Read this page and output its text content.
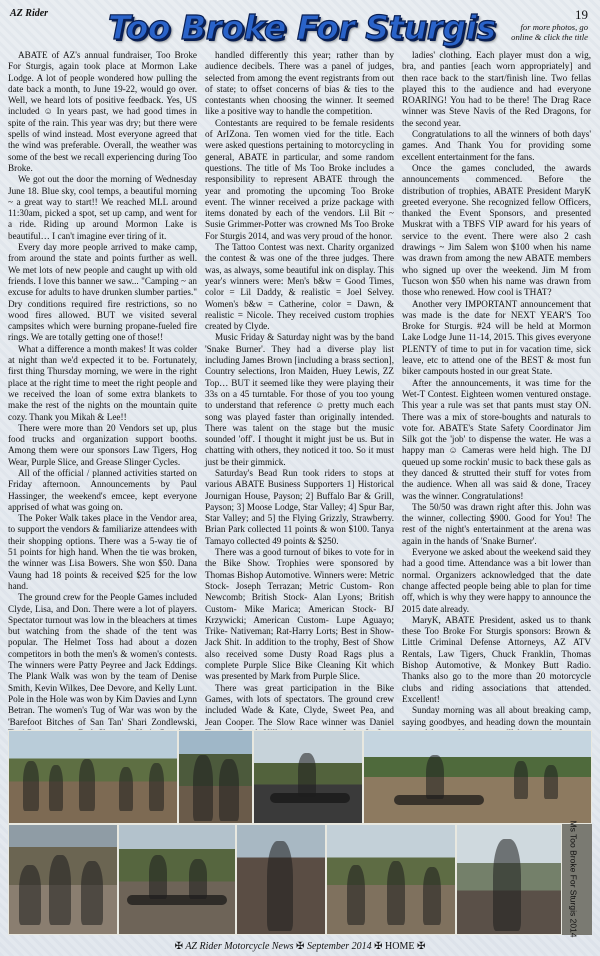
AZ Rider Too Broke For Sturgis	19
for more photos, go online & click the title

ABATE of AZ's annual fundraiser, Too Broke For Sturgis, again took place at Mormon Lake Lodge. A lot of people wondered how pulling the date back a month, to June 19-22, would go over. Well, we heard lots of positive feedback. Yes, US included ☺ In years past, we had good times in spite of the rain. This year was dry; but there were spells of wind instead. Most everyone agreed that the wind was preferable. Overall, the weather was some of the best we recall experiencing during Too Broke.

We got out the door the morning of Wednesday June 18. Blue sky, cool temps, a beautiful morning ~ a great way to start!! We reached MLL around 11:30am, picked a spot, set up camp, and went for a ride. Riding up around Mormon Lake is beautiful… I can't imagine ever tiring of it.

Every day more people arrived to make camp, from around the state and points further as well. We met lots of new people and caught up with old friends. I love this banner we saw... "Camping ~ an excuse for adults to have drunken slumber parties." Dry conditions required fire restrictions, so no wood fires allowed. BUT we visited several campsites which were burning propane-fueled fire rings. We are totally getting one of those!!

What a difference a month makes! It was colder at night than we'd expected it to be. Fortunately, first thing Thursday morning, we were in the right place at the right time to meet the right people and we received the loan of some extra blankets to make the rest of the nights on the mountain quite cozy. Thank you Mikah & Lee!!

There were more than 20 Vendors set up, plus food trucks and organization support booths. Among them were our sponsors Law Tigers, Hog Wear, Purple Slice, and Grease Slinger Cycles.

All of the official / planned activities started on Friday afternoon. Announcements by Paul Hassinger, the weekend's emcee, kept everyone apprised of what was going on.

The Poker Walk takes place in the Vendor area, to support the vendors & familiarize attendees with their shopping options. There was a 5-way tie of 51 points for high hand. When the tie was broken, the winner was Lisa Bowers. She won $50. Dana Vaung had 18 points & received $25 for the low hand.

The ground crew for the People Games included Clyde, Lisa, and Don. There were a lot of players. Spectator turnout was low in the bleachers at times but watching from the shade of the tent was popular. The Helmet Toss had about a dozen competitors in both the men's & women's contests. The winners were Patty Peyree and Jack Eddings. The Plank Walk was won by the team of Denise Smith, Kevin Wilkes, Dee Devore, and Kelly Lunt. Pole in the Hole was won by Kim Davies and Lynn Betran. The women's Tug of War was won by the 'Barefoot Bitches of San Tan' Shari Zondlewski,

handled differently this year; rather than by audience decibels. There was a panel of judges, selected from among the event registrants from out of state; to offset concerns of bias & ties to the contestants when choosing the winner. It seemed like a positive way to handle the competition.

Contestants are required to be female residents of ArIZona. Ten women vied for the title. Each were asked questions pertaining to motorcycling in general, ABATE in particular, and some random questions. The title of Ms Too Broke includes a responsibility to represent ABATE through the year and promoting the upcoming Too Broke event. The winner received a prize package with items donated by each of the vendors. Lil Bit ~ Susie Grimmer-Potter was crowned Ms Too Broke For Sturgis 2014, and was very proud of the honor.

The Tattoo Contest was next. Charity organized the contest & was one of the three judges. There was, as always, some beautiful ink on display. This year's winners were: Men's b&w = Good Times, color = Lil Daddy, & realistic = Joel Selvey. Women's b&w = Catherine, color = Dawn, & realistic = Nicole. They received custom trophies created by Clyde.

Music Friday & Saturday night was by the band 'Snake Burner'. They had a diverse play list including James Brown [including a brass section], Country selections, Iron Maiden, Huey Lewis, ZZ Top… BUT it seemed like they were playing their 33s on a 45 turntable. For those of you too young to understand that reference ☺ pretty much each song was played faster than originally intended. There was talent on the stage but the music sounded 'off'. I thought it might just be us. But in chatting with others, they noticed it too. So it must just be their gimmick.

Saturday's Bead Run took riders to stops at various ABATE Business Supporters 1] Historical Journigan House, Payson; 2] Buffalo Bar & Grill, Payson; 3] Moose Lodge, Star Valley; 4] Spur Bar, Star Valley; and 5] the Flying Grizzly, Strawberry. Brian Park collected 11 points & won $100. Tanya Tamayo collected 49 points & $250.

There was a good turnout of bikes to vote for in the Bike Show. Trophies were sponsored by Thomas Bishop Automotive. Winners were: Metric Stock- Joseph Terrazan; Metric Custom- Ron Newcomb; British Stock- Alan Lyons; British Custom- Mike Marica; American Stock- BJ Krzywicki; American Custom- Lupe Aguayo; Trike- Nativeman; Rat-Harry Lorts; Best in Show- Jack Shit. In addition to the trophy, Best of Show also received some Dusty Road Rags plus a complete Purple Slice Bike Cleaning Kit which was presented by Mark from Purple Slice.

There was great participation in the Bike Games, with lots of spectators. The ground crew included Wade & Kate, Clyde, Sweet Pea, and Jean Cooper. The Slow Race winner was Daniel

ladies' clothing. Each player must don a wig, bra, and panties [each worn appropriately] and then race back to the start/finish line. Two fellas played this to the audience and had everyone ROARING! You had to be there! The Drag Race winner was Steve Navis of the Red Dragons, for the second year.

Congratulations to all the winners of both days' games. And Thank You for providing some excellent entertainment for the fans.

Once the games concluded, the awards announcements commenced. Before the distribution of trophies, ABATE President MaryK greeted everyone. She recognized fellow Officers, thanked the Event Sponsors, and presented Muskrat with a TBFS VIP award for his years of service to the event. There were also 2 cash drawings ~ Jim Salem won $100 when his name was drawn from among the new ABATE members who signed up over the weekend. Jim M from Tucson won $50 when his name was drawn from those who renewed. How cool is THAT?

Another very IMPORTANT announcement that was made is the date for NEXT YEAR'S Too Broke for Sturgis. #24 will be held at Mormon Lake Lodge June 11-14, 2015. This gives everyone PLENTY of time to put in for vacation time, sick leave, etc to attend one of the BEST & most fun biker campouts hosted in our great State.

After the announcements, it was time for the Wet-T Contest. Eighteen women ventured onstage. This year a rule was set that pants must stay ON. There was a mix of store-boughts and naturals to vote for. ABATE's State Safety Coordinator Jim Silk got the 'job' to dispense the water. He was a happy man ☺ Cameras were held high. The DJ queued up some rockin' music to back these gals as they danced & strutted their stuff for votes from the audience. When all was said & done, Tracey was the winner. Congratulations!

The 50/50 was drawn right after this. John was the winner, collecting $900. Good for You! The rest of the night's entertainment at the arena was again in the hands of 'Snake Burner'.

Everyone we asked about the weekend said they had a good time. Attendance was a bit lower than normal. Organizers acknowledged that the date change affected people being able to plan for time off, which is why they were happy to announce the 2015 date already.

MaryK, ABATE President, asked us to thank these Too Broke For Sturgis sponsors: Brown & Little Criminal Defense Attorneys, AZ ATV Rentals, Law Tigers, Chuck Franklin, Thomas Bishop Automotive, & Monkey Butt Radio. Thanks also go to the more than 20 motorcycle clubs and riding associations that attended. Excellent!

Sunday morning was all about breaking camp, saying goodbyes, and heading down the mountain

Ms Too Broke For Sturgis 2014
✠ AZ Rider Motorcycle News ✠ September 2014 ✠ HOME ✠
